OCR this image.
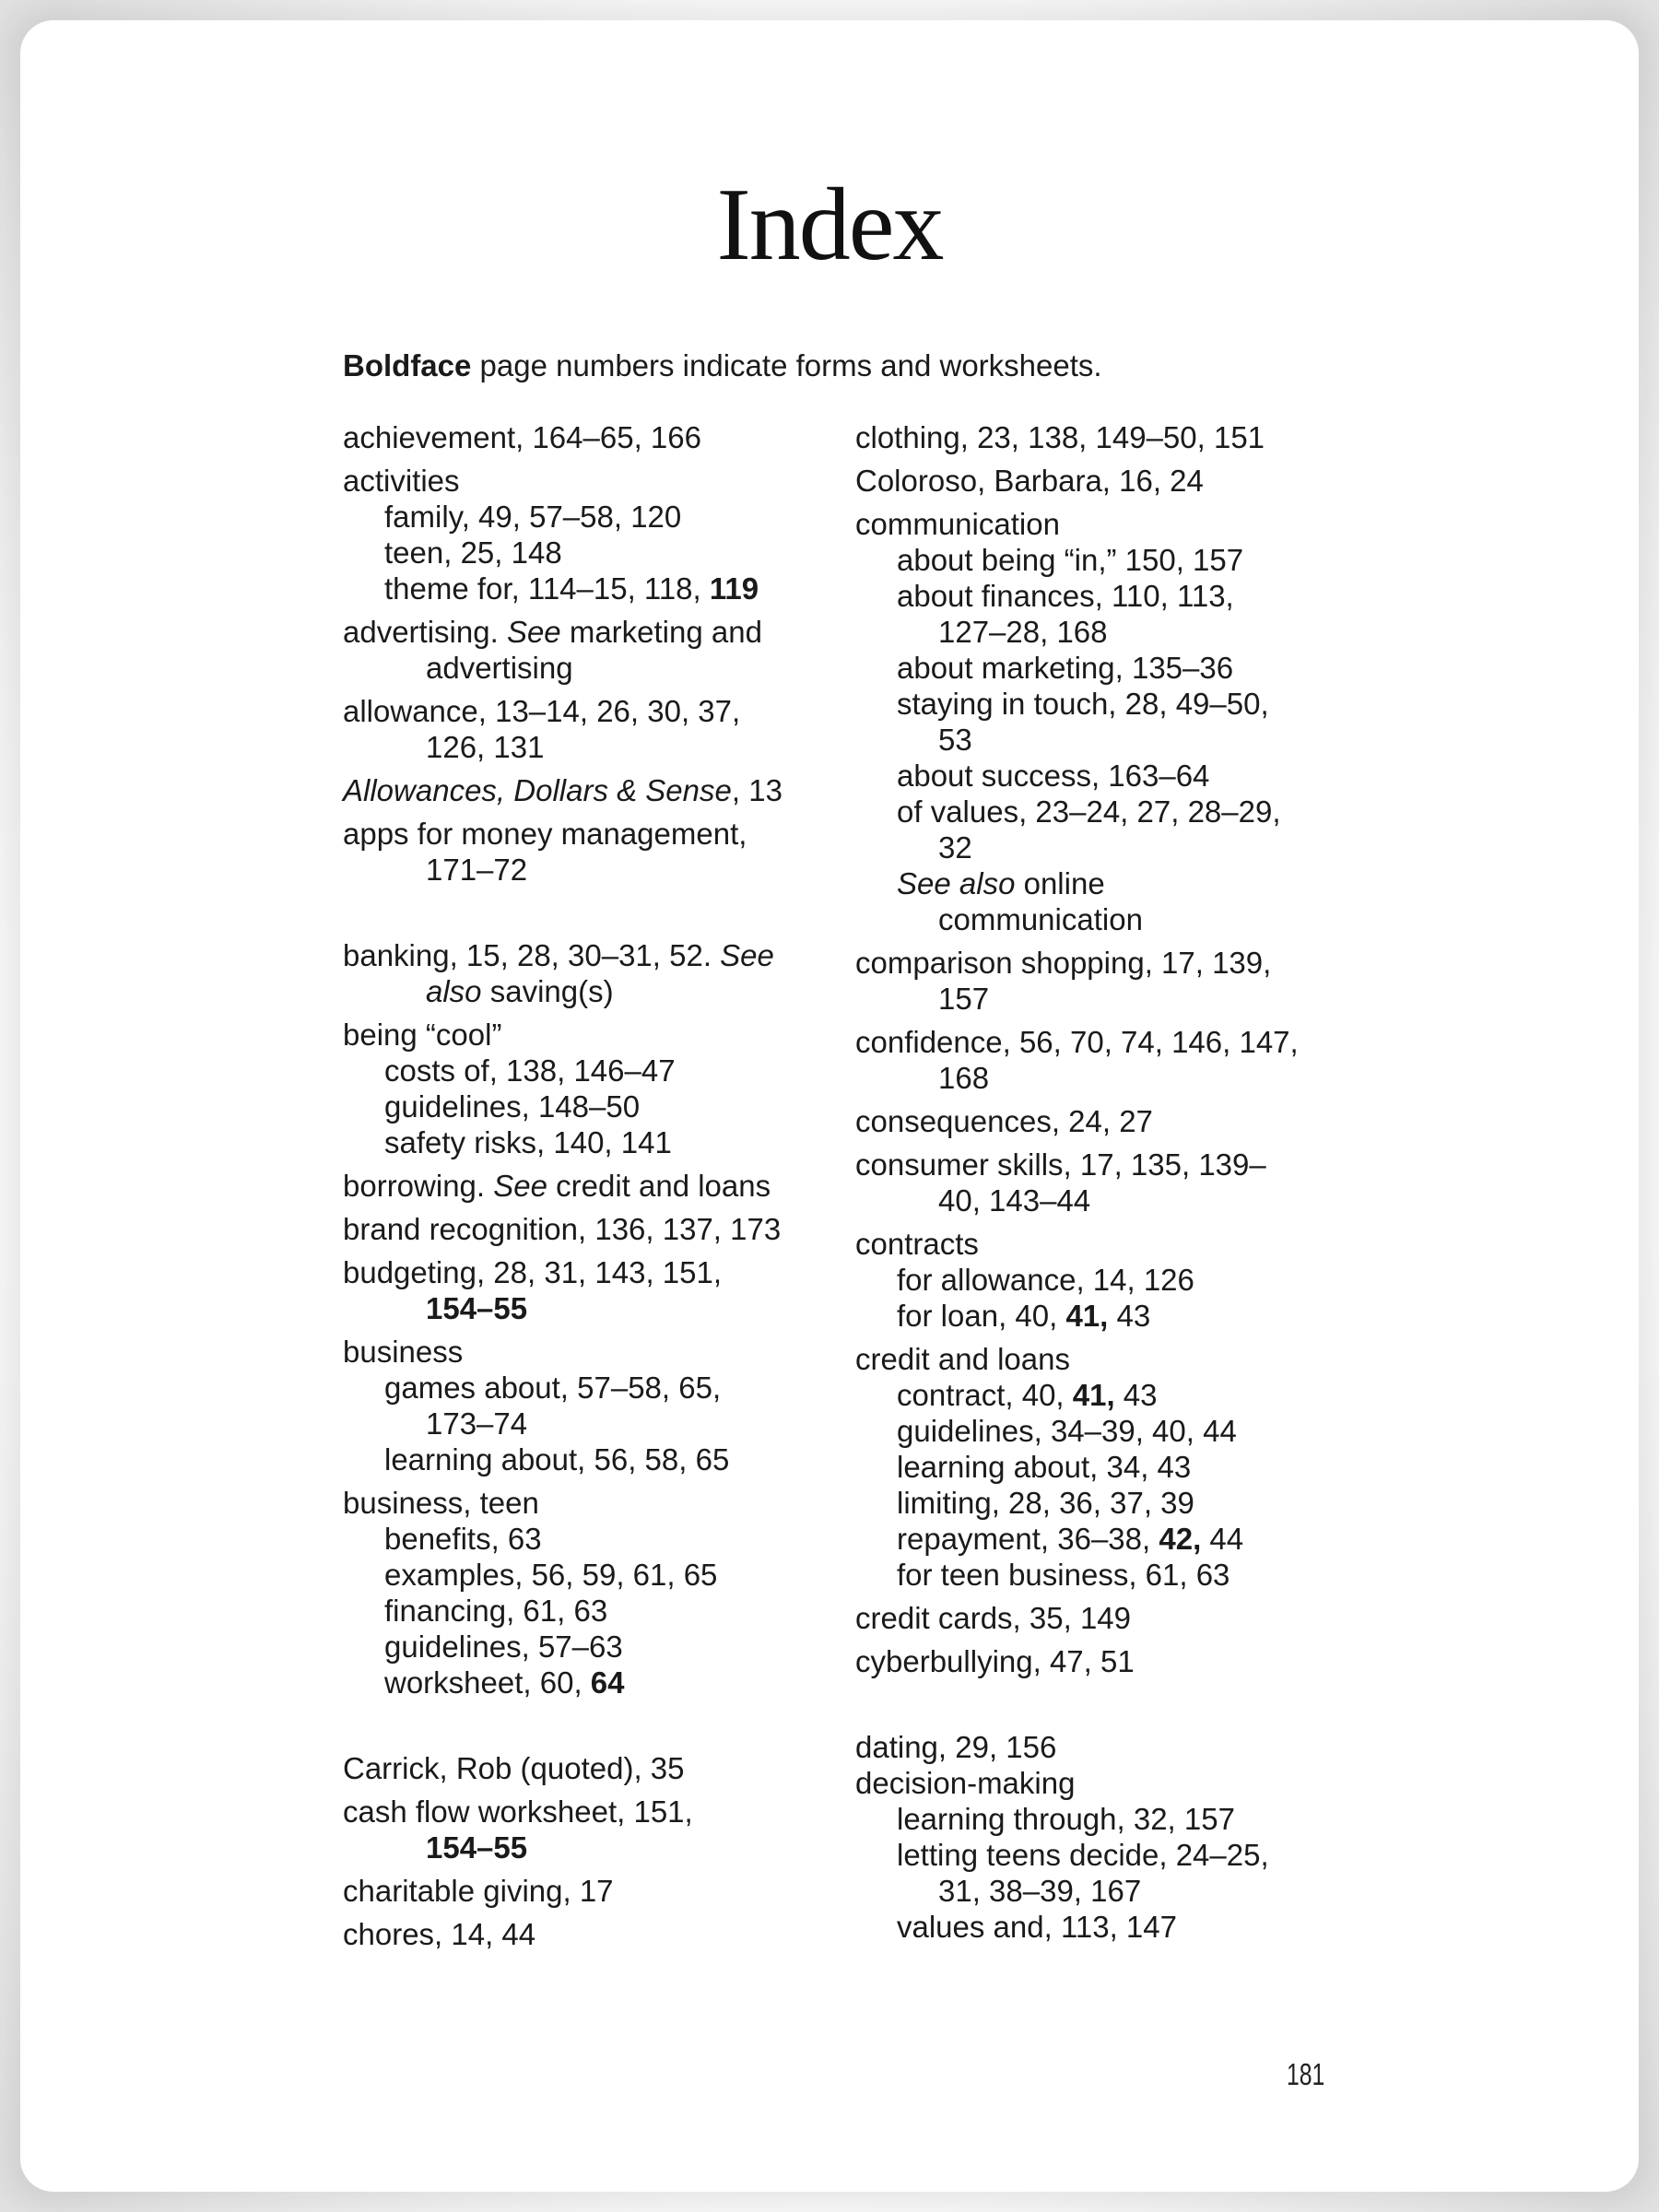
Index
Boldface page numbers indicate forms and worksheets.
achievement, 164–65, 166
activities
family, 49, 57–58, 120
teen, 25, 148
theme for, 114–15, 118, 119
advertising. See marketing and
advertising
allowance, 13–14, 26, 30, 37,
126, 131
Allowances, Dollars & Sense, 13
apps for money management,
171–72
banking, 15, 28, 30–31, 52. See
also saving(s)
being “cool”
costs of, 138, 146–47
guidelines, 148–50
safety risks, 140, 141
borrowing. See credit and loans
brand recognition, 136, 137, 173
budgeting, 28, 31, 143, 151,
154–55
business
games about, 57–58, 65,
173–74
learning about, 56, 58, 65
business, teen
benefits, 63
examples, 56, 59, 61, 65
financing, 61, 63
guidelines, 57–63
worksheet, 60, 64
Carrick, Rob (quoted), 35
cash flow worksheet, 151,
154–55
charitable giving, 17
chores, 14, 44
clothing, 23, 138, 149–50, 151
Coloroso, Barbara, 16, 24
communication
about being “in,” 150, 157
about finances, 110, 113,
127–28, 168
about marketing, 135–36
staying in touch, 28, 49–50,
53
about success, 163–64
of values, 23–24, 27, 28–29,
32
See also online
communication
comparison shopping, 17, 139,
157
confidence, 56, 70, 74, 146, 147,
168
consequences, 24, 27
consumer skills, 17, 135, 139–
40, 143–44
contracts
for allowance, 14, 126
for loan, 40, 41, 43
credit and loans
contract, 40, 41, 43
guidelines, 34–39, 40, 44
learning about, 34, 43
limiting, 28, 36, 37, 39
repayment, 36–38, 42, 44
for teen business, 61, 63
credit cards, 35, 149
cyberbullying, 47, 51
dating, 29, 156
decision-making
learning through, 32, 157
letting teens decide, 24–25,
31, 38–39, 167
values and, 113, 147
181
